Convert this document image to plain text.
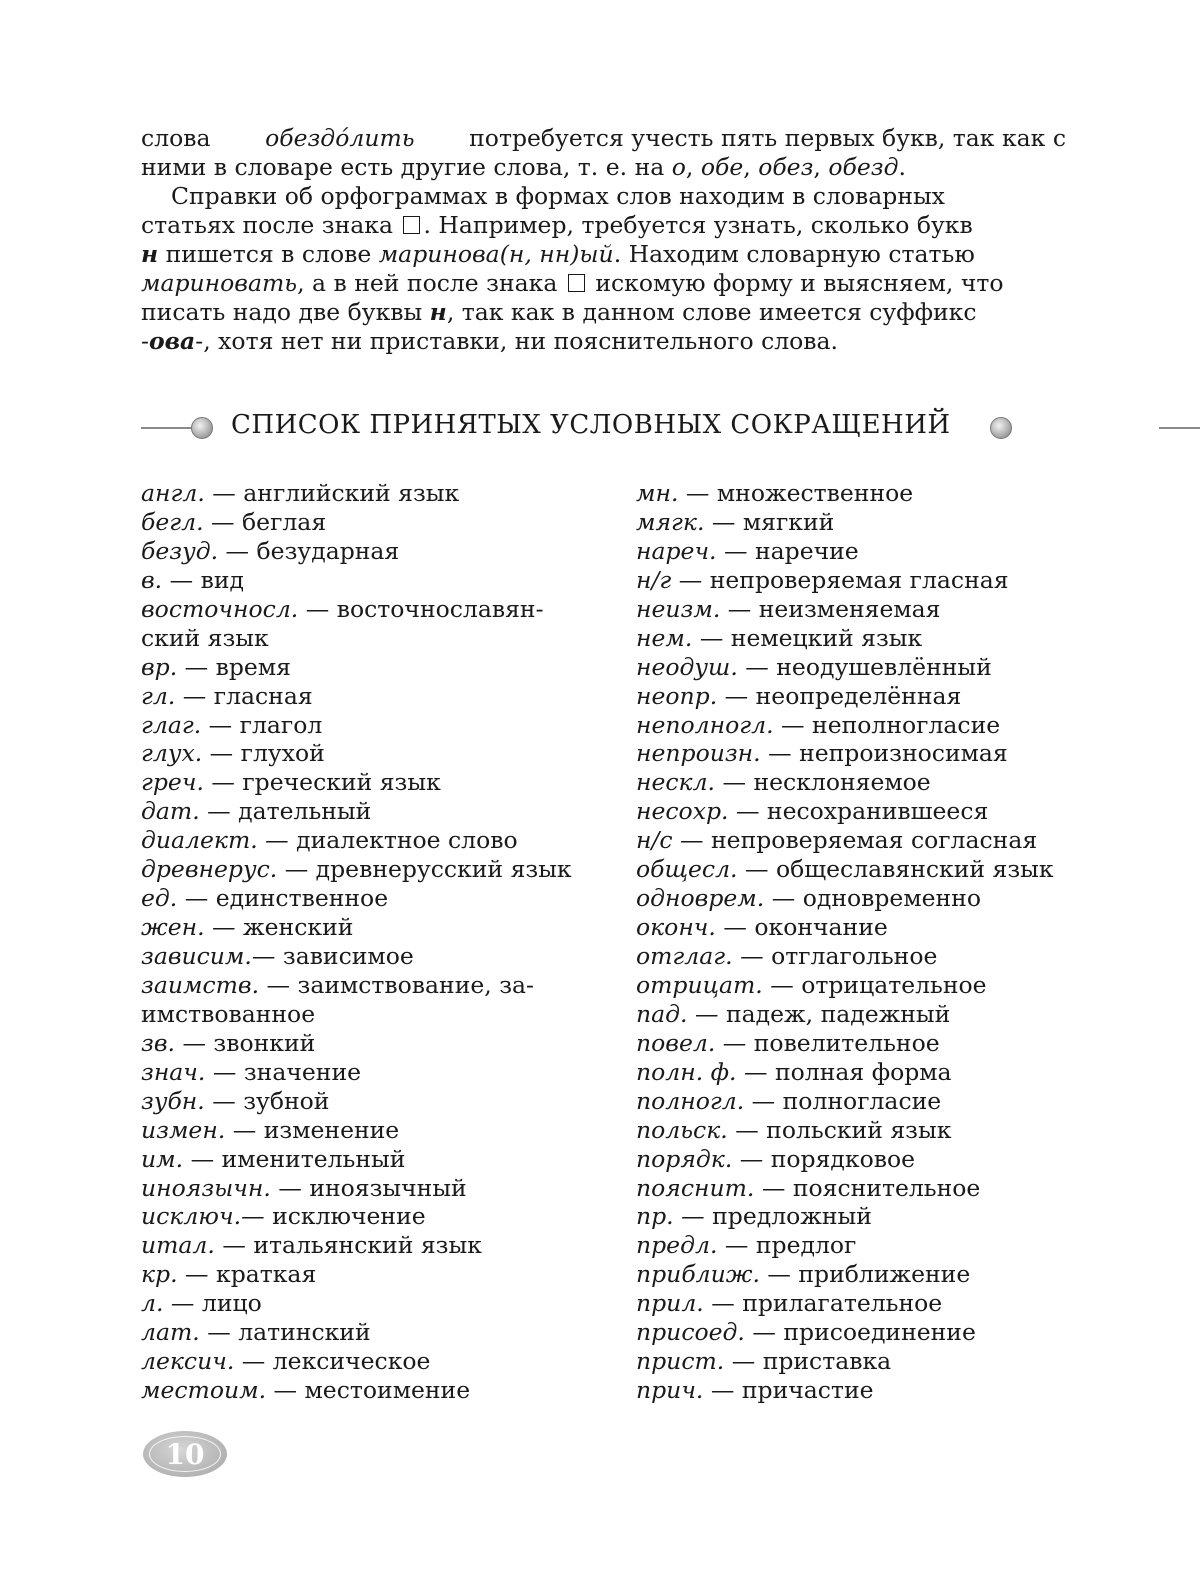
слова обездо́лить потребуется учесть пять первых букв, так как с
ними в словаре есть другие слова, т. е. на о , обе , обез , обезд .
Справки об орфограммах в формах слов находим в словарных
статьях после знака . Например, требуется узнать, сколько букв
н пишется в слове маринова(н, нн)ый. Находим словарную статью
мариновать, а в ней после знака  искомую форму и выясняем, что
писать надо две буквы н, так как в данном слове имеется суффикс
- ова -, хотя нет ни приставки, ни пояснительного слова.
СПИСОК ПРИНЯТЫХ УСЛОВНЫХ СОКРАЩЕНИЙ
англ. — английский язык
бегл. — беглая
безуд. — безударная
в. — вид
восточносл. — восточнославян-
ский язык
вр. — время
гл. — гласная
глаг. — глагол
глух. — глухой
греч. — греческий язык
дат. — дательный
диалект. — диалектное слово
древнерус. — древнерусский язык
ед. — единственное
жен. — женский
зависим.— зависимое
заимств. — заимствование, за-
имствованное
зв. — звонкий
знач. — значение
зубн. — зубной
измен. — изменение
им. — именительный
иноязычн. — иноязычный
исключ.— исключение
итал. — итальянский язык
кр. — краткая
л. — лицо
лат. — латинский
лексич. — лексическое
местоим. — местоимение
мн. — множественное
мягк. — мягкий
нареч. — наречие
н/г — непроверяемая гласная
неизм. — неизменяемая
нем. — немецкий язык
неодуш. — неодушевлённый
неопр. — неопределённая
неполногл. — неполногласие
непроизн. — непроизносимая
нескл. — несклоняемое
несохр. — несохранившееся
н/с — непроверяемая согласная
общесл. — общеславянский язык
одноврем. — одновременно
оконч. — окончание
отглаг. — отглагольное
отрицат. — отрицательное
пад. — падеж, падежный
повел. — повелительное
полн. ф. — полная форма
полногл. — полногласие
польск. — польский язык
порядк. — порядковое
пояснит. — пояснительное
пр. — предложный
предл. — предлог
приближ. — приближение
прил. — прилагательное
присоед. — присоединение
прист. — приставка
прич. — причастие
10
